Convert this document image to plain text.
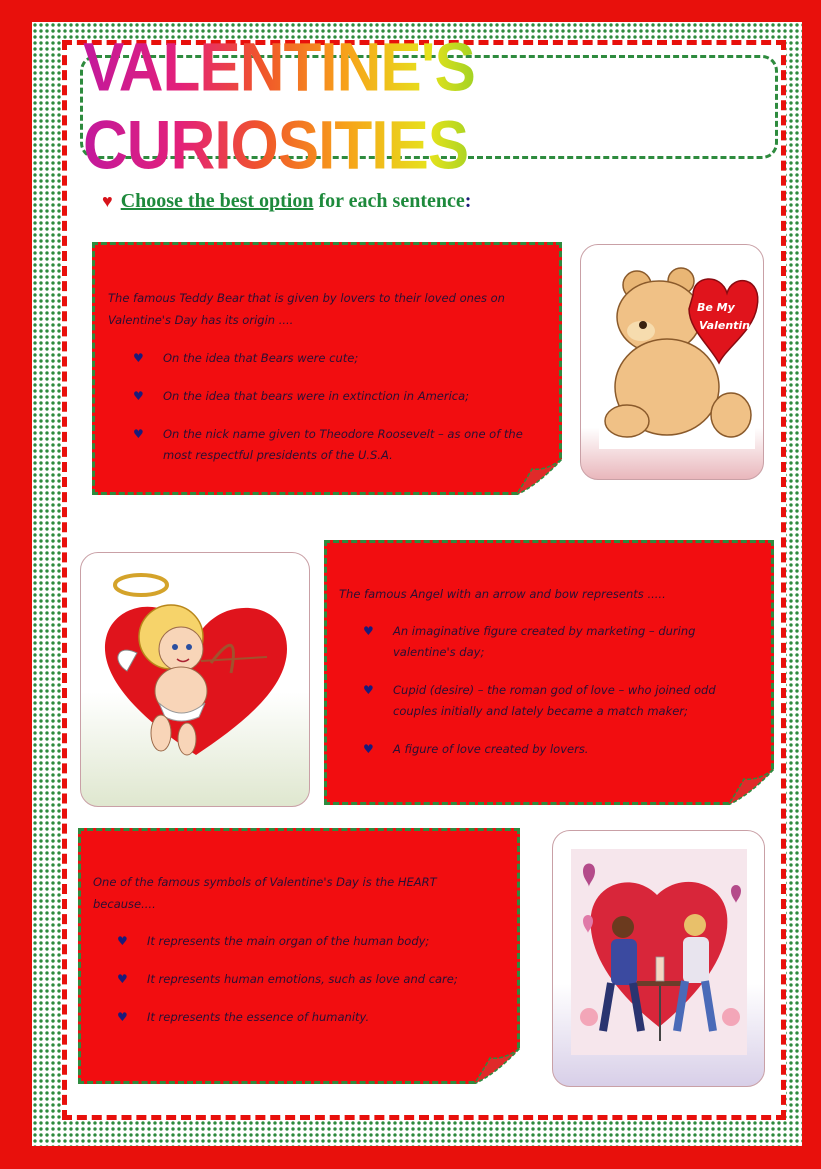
VALENTINE'S CURIOSITIES
♥ Choose the best option for each sentence:
The famous Teddy Bear that is given by lovers to their loved ones on
Valentine's Day has its origin ....
♥ On the idea that Bears were cute;
♥ On the idea that bears were in extinction in America;
♥ On the nick name given to Theodore Roosevelt – as one of the
most respectful presidents of the U.S.A.
Be My
Valentine
The famous Angel with an arrow and bow represents .....
♥ An imaginative figure created by marketing – during
valentine's day;
♥ Cupid (desire) – the roman god of love – who joined odd
couples initially and lately became a match maker;
♥ A figure of love created by lovers.
One of the famous symbols of Valentine's Day is the HEART
because....
♥ It represents the main organ of the human body;
♥ It represents human emotions, such as love and care;
♥ It represents the essence of humanity.
